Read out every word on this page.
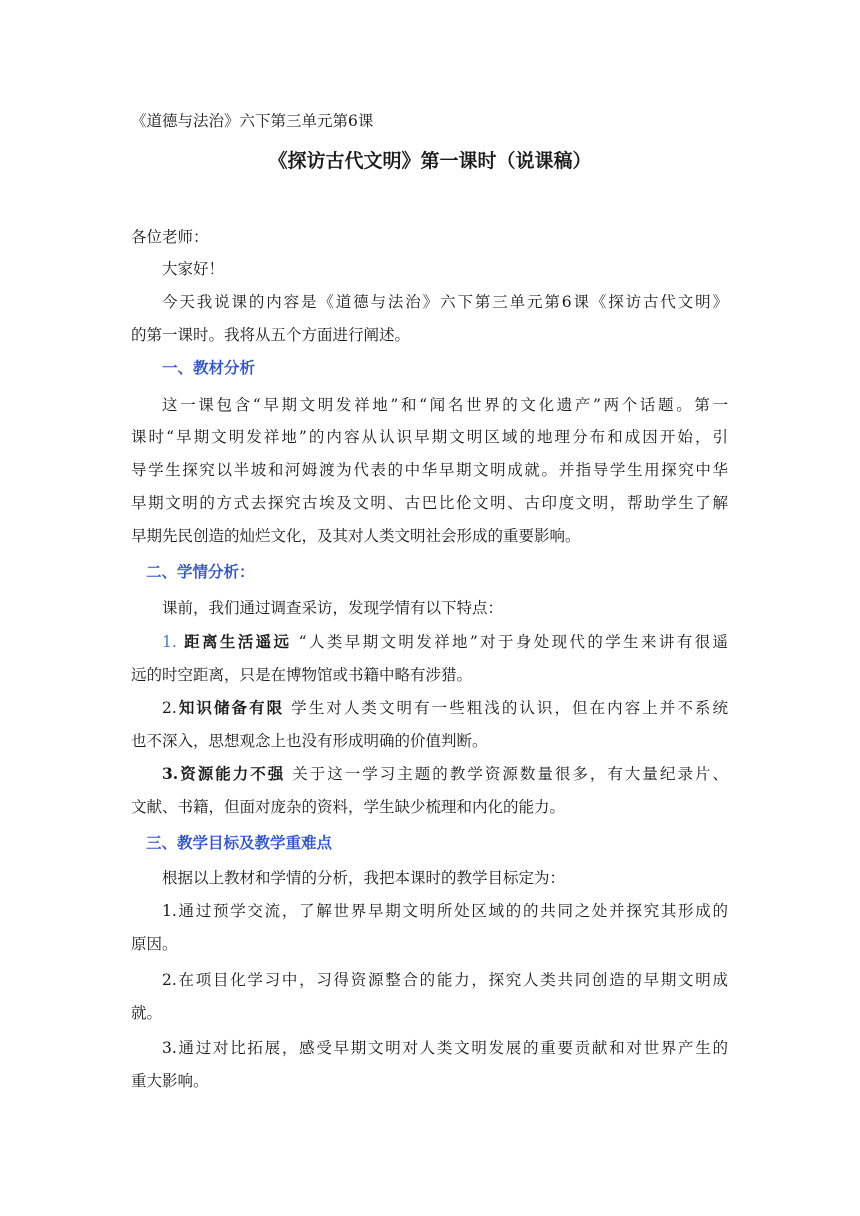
《道德与法治》六下第三单元第6课
《探访古代文明》第一课时（说课稿）
各位老师：
大家好！
今天我说课的内容是《道德与法治》六下第三单元第6课《探访古代文明》
的第一课时。我将从五个方面进行阐述。
一、教材分析
这一课包含“早期文明发祥地”和“闻名世界的文化遗产”两个话题。第一
课时“早期文明发祥地”的内容从认识早期文明区域的地理分布和成因开始，引
导学生探究以半坡和河姆渡为代表的中华早期文明成就。并指导学生用探究中华
早期文明的方式去探究古埃及文明、古巴比伦文明、古印度文明，帮助学生了解
早期先民创造的灿烂文化，及其对人类文明社会形成的重要影响。
二、学情分析：
课前，我们通过调查采访，发现学情有以下特点：
1. 距离生活遥远 “人类早期文明发祥地”对于身处现代的学生来讲有很遥
远的时空距离，只是在博物馆或书籍中略有涉猎。
2.知识储备有限 学生对人类文明有一些粗浅的认识，但在内容上并不系统
也不深入，思想观念上也没有形成明确的价值判断。
3.资源能力不强 关于这一学习主题的教学资源数量很多，有大量纪录片、
文献、书籍，但面对庞杂的资料，学生缺少梳理和内化的能力。
三、教学目标及教学重难点
根据以上教材和学情的分析，我把本课时的教学目标定为：
1.通过预学交流，了解世界早期文明所处区域的的共同之处并探究其形成的
原因。
2.在项目化学习中，习得资源整合的能力，探究人类共同创造的早期文明成
就。
3.通过对比拓展，感受早期文明对人类文明发展的重要贡献和对世界产生的
重大影响。
